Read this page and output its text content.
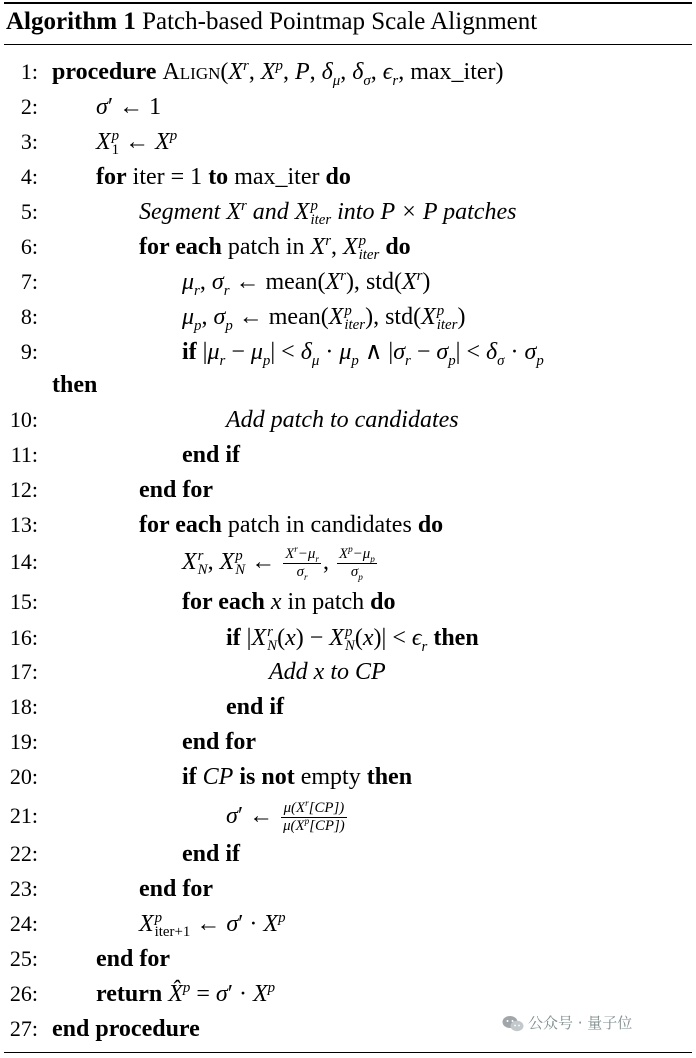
Algorithm 1 Patch-based Pointmap Scale Alignment
1: procedure $Align(X^r$, $X^p$, P, $\delta_\mu$, $\delta_\sigma$, $\epsilon_r$, max_iter)
2: σ′ ← 1
3: X p
1 ← $X^p$
4: for iter = 1 to max_iter do
5:	Segment $X^r$ and X p
iter into P × P patches
6:	for each patch in $X^r$, X p
iter do
7:	$\mu_r$, $\sigma_r$ ← $mean(X^r)$, $std(X^r)$
8:	$\mu_p$, $\sigma_p$ ← mean(X p
iter ), std(X p
iter )
9:	if $|\mu_r - \mu_p| < \delta_\mu \cdot \mu_p$ ∧ $|\sigma_r - \sigma_p| < \delta_\sigma \cdot \sigma_p$
then
10:	Add patch to candidates
11:	end if
12:	end for
13:	for each patch in candidates do
14:	X r
N , X p
N ← $\frac{X^r-\mu_r}{\sigma_r}$ , $\frac{X^p-\mu_p}{\sigma_p}$
15:	for each x in patch do
16:	if |X r
N (x) − X p
N $(x)| < \epsilon_r$ then
17:	Add x to CP
18:	end if
19:	end for
20:	if CP is not empty then
21:	σ′ ← $\frac{\mu(X^r[CP])}{\mu(X^p[CP])}$
22:	end if
23:	end for
24:	X p
iter+1 ← $\sigma' \cdot X^p$
25: end for
26: return X̂$^p$ = $\sigma' \cdot X^p$
27: end procedure	公众号 · 量子位
